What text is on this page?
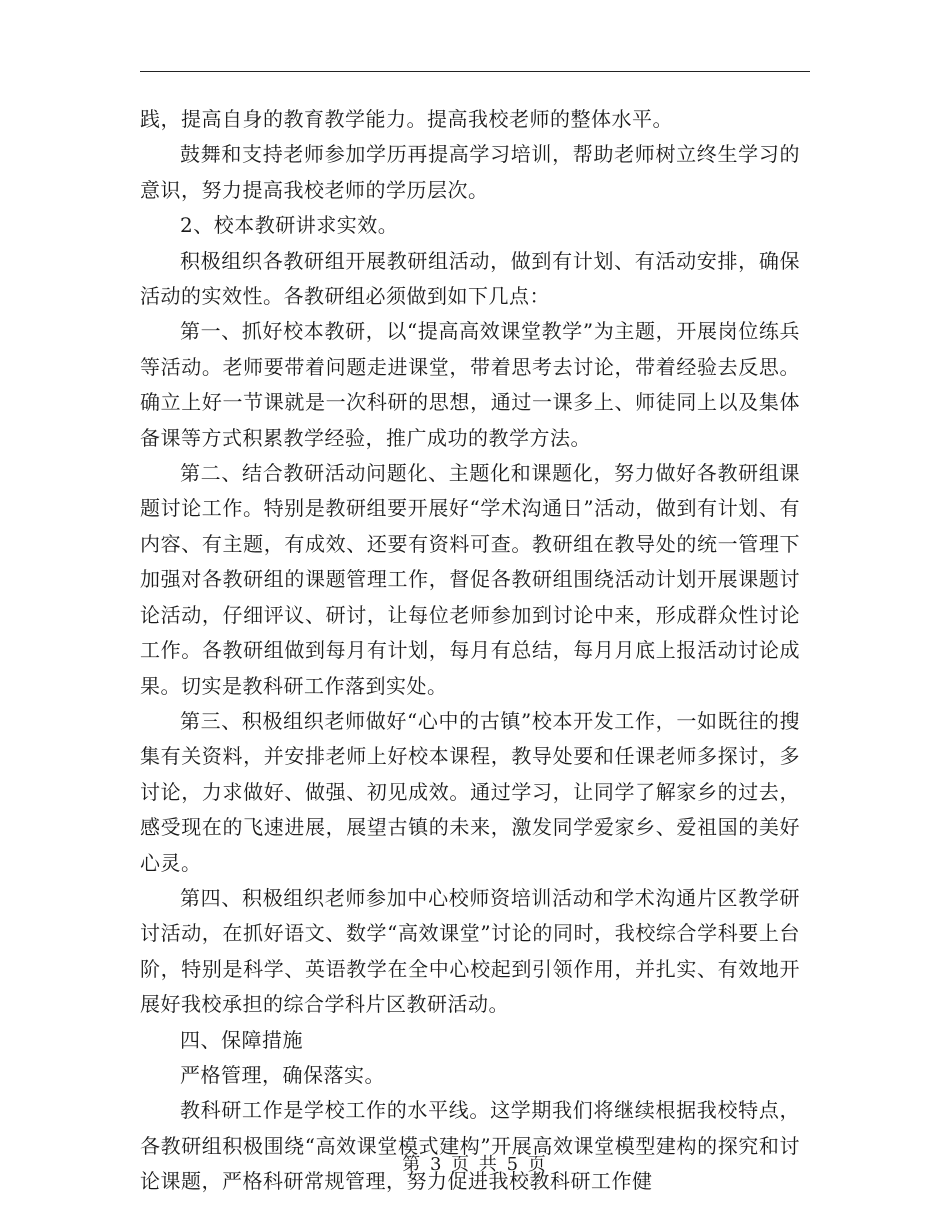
践，提高自身的教育教学能力。提高我校老师的整体水平。

鼓舞和支持老师参加学历再提高学习培训，帮助老师树立终生学习的意识，努力提高我校老师的学历层次。

2、校本教研讲求实效。

积极组织各教研组开展教研组活动，做到有计划、有活动安排，确保活动的实效性。各教研组必须做到如下几点：

第一、抓好校本教研，以“提高高效课堂教学”为主题，开展岗位练兵等活动。老师要带着问题走进课堂，带着思考去讨论，带着经验去反思。确立上好一节课就是一次科研的思想，通过一课多上、师徒同上以及集体备课等方式积累教学经验，推广成功的教学方法。

第二、结合教研活动问题化、主题化和课题化，努力做好各教研组课题讨论工作。特别是教研组要开展好“学术沟通日”活动，做到有计划、有内容、有主题，有成效、还要有资料可查。教研组在教导处的统一管理下加强对各教研组的课题管理工作，督促各教研组围绕活动计划开展课题讨论活动，仔细评议、研讨，让每位老师参加到讨论中来，形成群众性讨论工作。各教研组做到每月有计划，每月有总结，每月月底上报活动讨论成果。切实是教科研工作落到实处。

第三、积极组织老师做好“心中的古镇”校本开发工作，一如既往的搜集有关资料，并安排老师上好校本课程，教导处要和任课老师多探讨，多讨论，力求做好、做强、初见成效。通过学习，让同学了解家乡的过去，感受现在的飞速进展，展望古镇的未来，激发同学爱家乡、爱祖国的美好心灵。

第四、积极组织老师参加中心校师资培训活动和学术沟通片区教学研讨活动，在抓好语文、数学“高效课堂”讨论的同时，我校综合学科要上台阶，特别是科学、英语教学在全中心校起到引领作用，并扎实、有效地开展好我校承担的综合学科片区教研活动。

四、保障措施

严格管理，确保落实。

教科研工作是学校工作的水平线。这学期我们将继续根据我校特点，各教研组积极围绕“高效课堂模式建构”开展高效课堂模型建构的探究和讨论课题，严格科研常规管理，努力促进我校教科研工作健

第 3 页 共 5 页
